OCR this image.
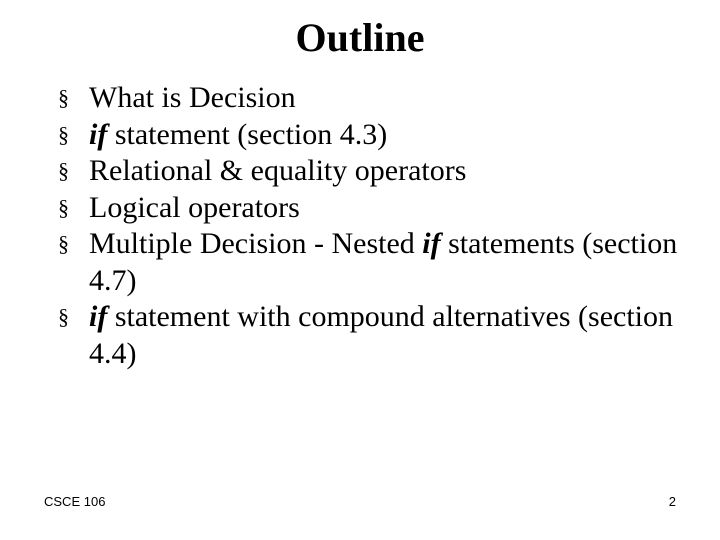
Outline
§ What is Decision
§ if statement (section 4.3)
§ Relational & equality operators
§ Logical operators
§ Multiple Decision - Nested if statements (section 4.7)
§ if statement with compound alternatives (section 4.4)
CSCE 106	2
